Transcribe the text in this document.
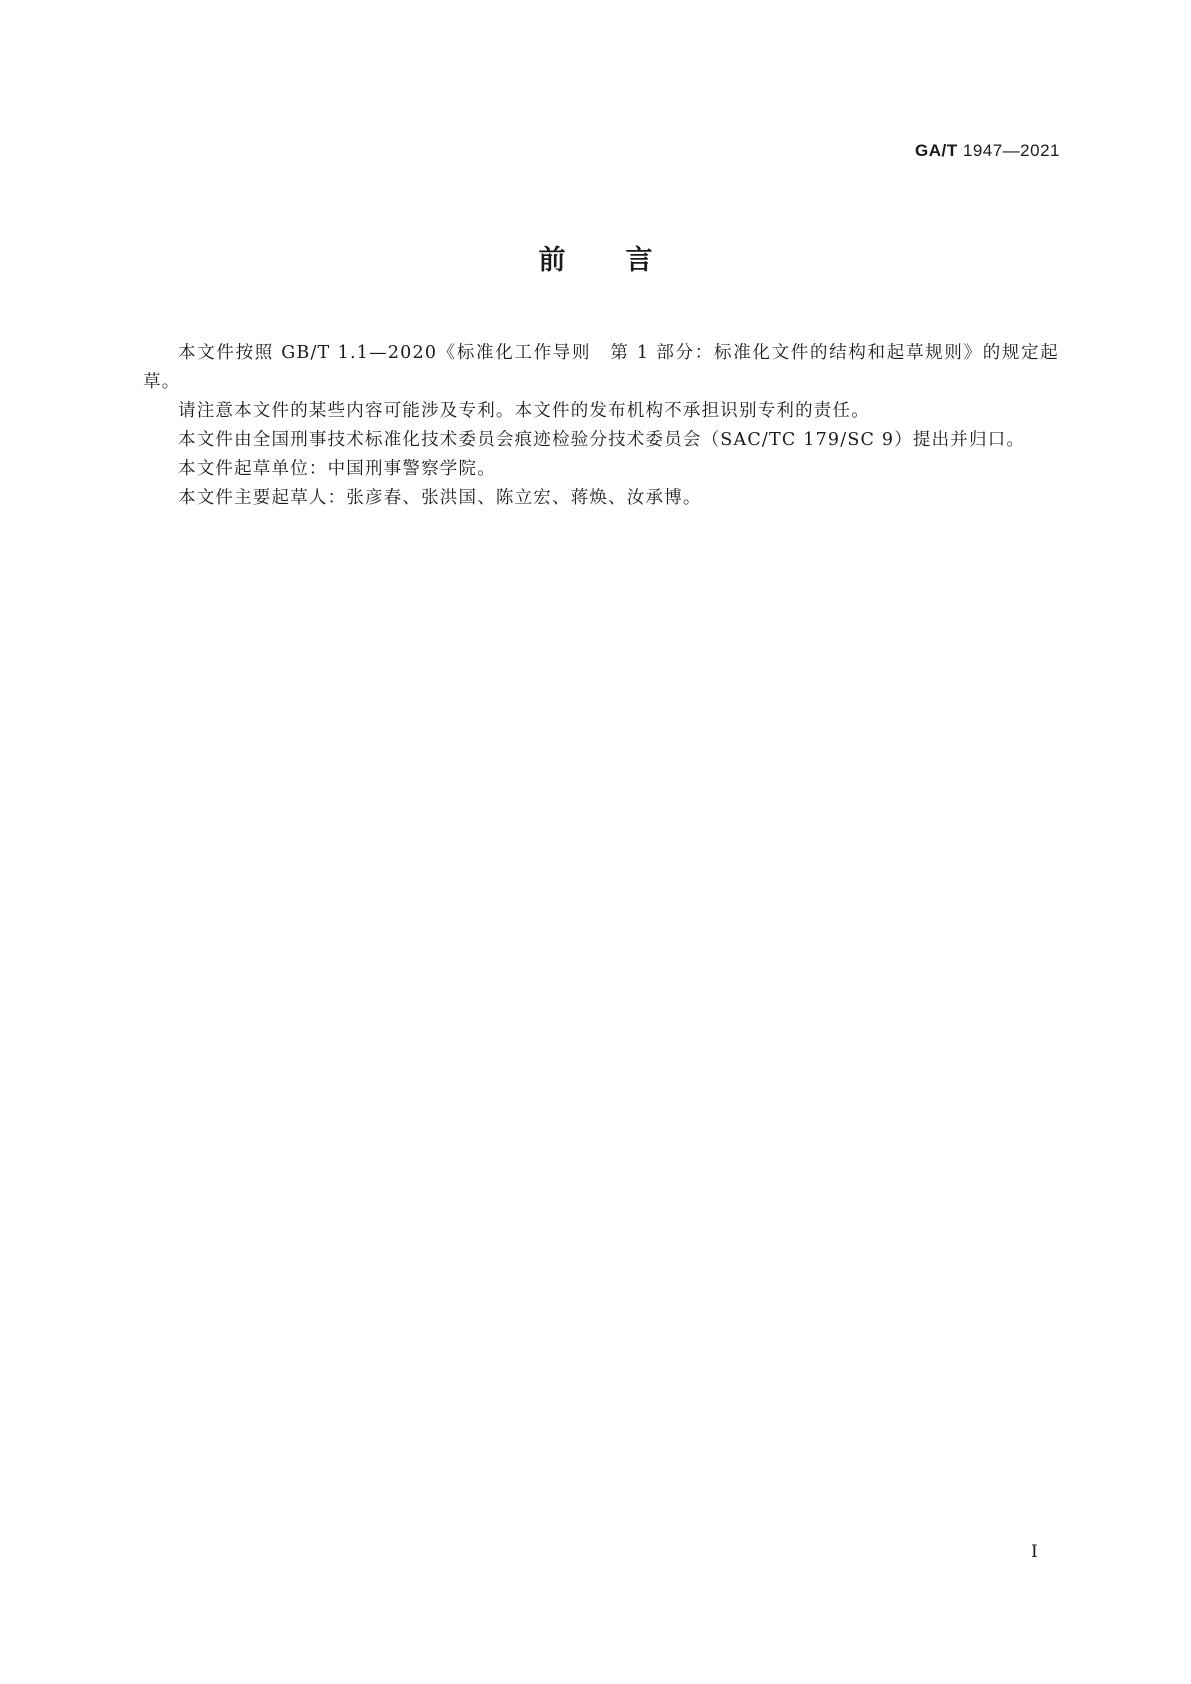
GA/T 1947—2021
前言

本文件按照 GB/T 1.1—2020《标准化工作导则　第 1 部分：标准化文件的结构和起草规则》的规定起草。

请注意本文件的某些内容可能涉及专利。本文件的发布机构不承担识别专利的责任。

本文件由全国刑事技术标准化技术委员会痕迹检验分技术委员会（SAC/TC 179/SC 9）提出并归口。

本文件起草单位：中国刑事警察学院。

本文件主要起草人：张彦春、张洪国、陈立宏、蒋焕、汝承博。

I
